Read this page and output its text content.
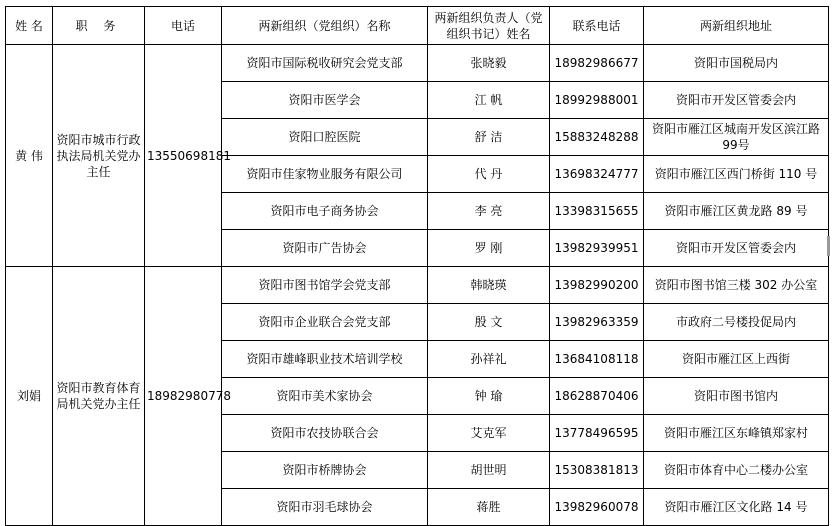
姓 名	职 务	电话	两新组织（党组织）名称	两新组织负责人（党组织书记）姓名	联系电话	两新组织地址
黄 伟	资阳市城市行政执法局机关党办主任	13550698181	资阳市国际税收研究会党支部	张晓毅	18982986677	资阳市国税局内
			资阳市医学会	江 帆	18992988001	资阳市开发区管委会内
			资阳口腔医院	舒 洁	15883248288	资阳市雁江区城南开发区滨江路99号
			资阳市佳家物业服务有限公司	代 丹	13698324777	资阳市雁江区西门桥街 110 号
			资阳市电子商务协会	李 亮	13398315655	资阳市雁江区黄龙路 89 号
			资阳市广告协会	罗 刚	13982939951	资阳市开发区管委会内
刘娟	资阳市教育体育局机关党办主任	18982980778	资阳市图书馆学会党支部	韩晓瑛	13982990200	资阳市图书馆三楼 302 办公室
			资阳市企业联合会党支部	殷 文	13982963359	市政府二号楼投促局内
			资阳市雄峰职业技术培训学校	孙祥礼	13684108118	资阳市雁江区上西街
			资阳市美术家协会	钟 瑜	18628870406	资阳市图书馆内
			资阳市农技协联合会	艾克军	13778496595	资阳市雁江区东峰镇郑家村
			资阳市桥牌协会	胡世明	15308381813	资阳市体育中心二楼办公室
			资阳市羽毛球协会	蒋胜	13982960078	资阳市雁江区文化路 14 号
